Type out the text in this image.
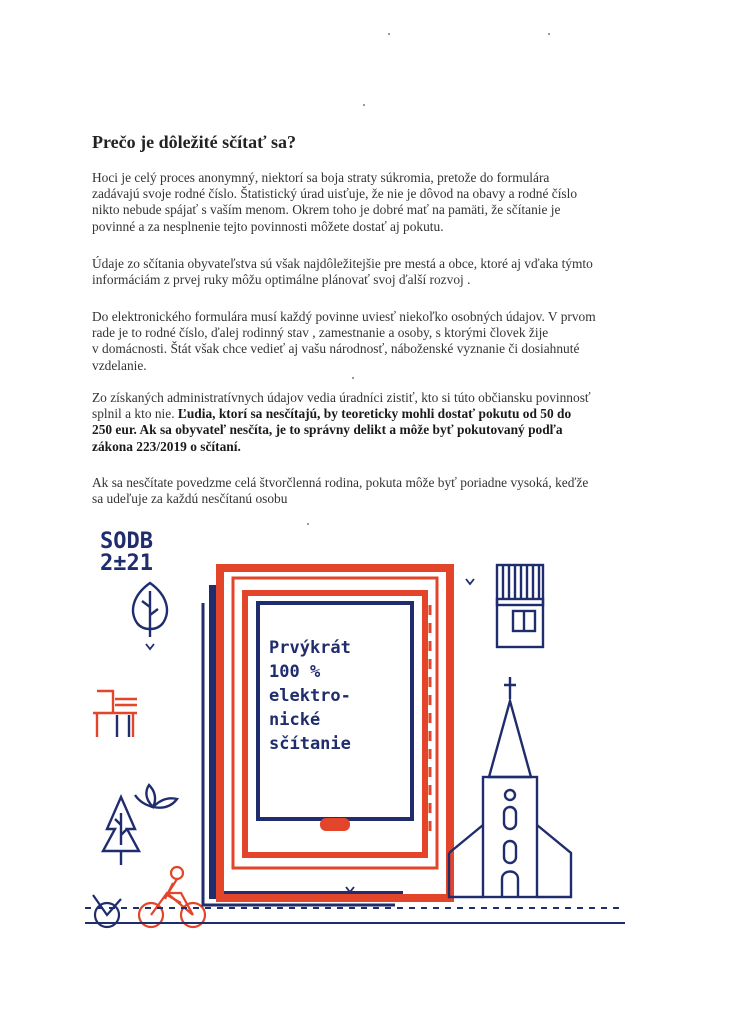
Prečo je dôležité sčítať sa?

Hoci je celý proces anonymný, niektorí sa boja straty súkromia, pretože do formulára
zadávajú svoje rodné číslo. Štatistický úrad uisťuje, že nie je dôvod na obavy a rodné číslo
nikto nebude spájať s vaším menom. Okrem toho je dobré mať na pamäti, že sčítanie je
povinné a za nesplnenie tejto povinnosti môžete dostať aj pokutu.

Údaje zo sčítania obyvateľstva sú však najdôležitejšie pre mestá a obce, ktoré aj vďaka týmto
informáciám z prvej ruky môžu optimálne plánovať svoj ďalší rozvoj .

Do elektronického formulára musí každý povinne uviesť niekoľko osobných údajov. V prvom
rade je to rodné číslo, ďalej rodinný stav , zamestnanie a osoby, s ktorými človek žije
v domácnosti. Štát však chce vedieť aj vašu národnosť, náboženské vyznanie či dosiahnuté
vzdelanie.

Zo získaných administratívnych údajov vedia úradníci zistiť, kto si túto občiansku povinnosť
splnil a kto nie. Ľudia, ktorí sa nesčítajú, by teoreticky mohli dostať pokutu od 50 do
250 eur. Ak sa obyvateľ nesčíta, je to správny delikt a môže byť pokutovaný podľa
zákona 223/2019 o sčítaní.

Ak sa nesčítate povedzme celá štvorčlenná rodina, pokuta môže byť poriadne vysoká, keďže
sa udeľuje za každú nesčítanú osobu

SODB
2±21
Prvýkrát
100 %
elektro-
nické
sčítanie
